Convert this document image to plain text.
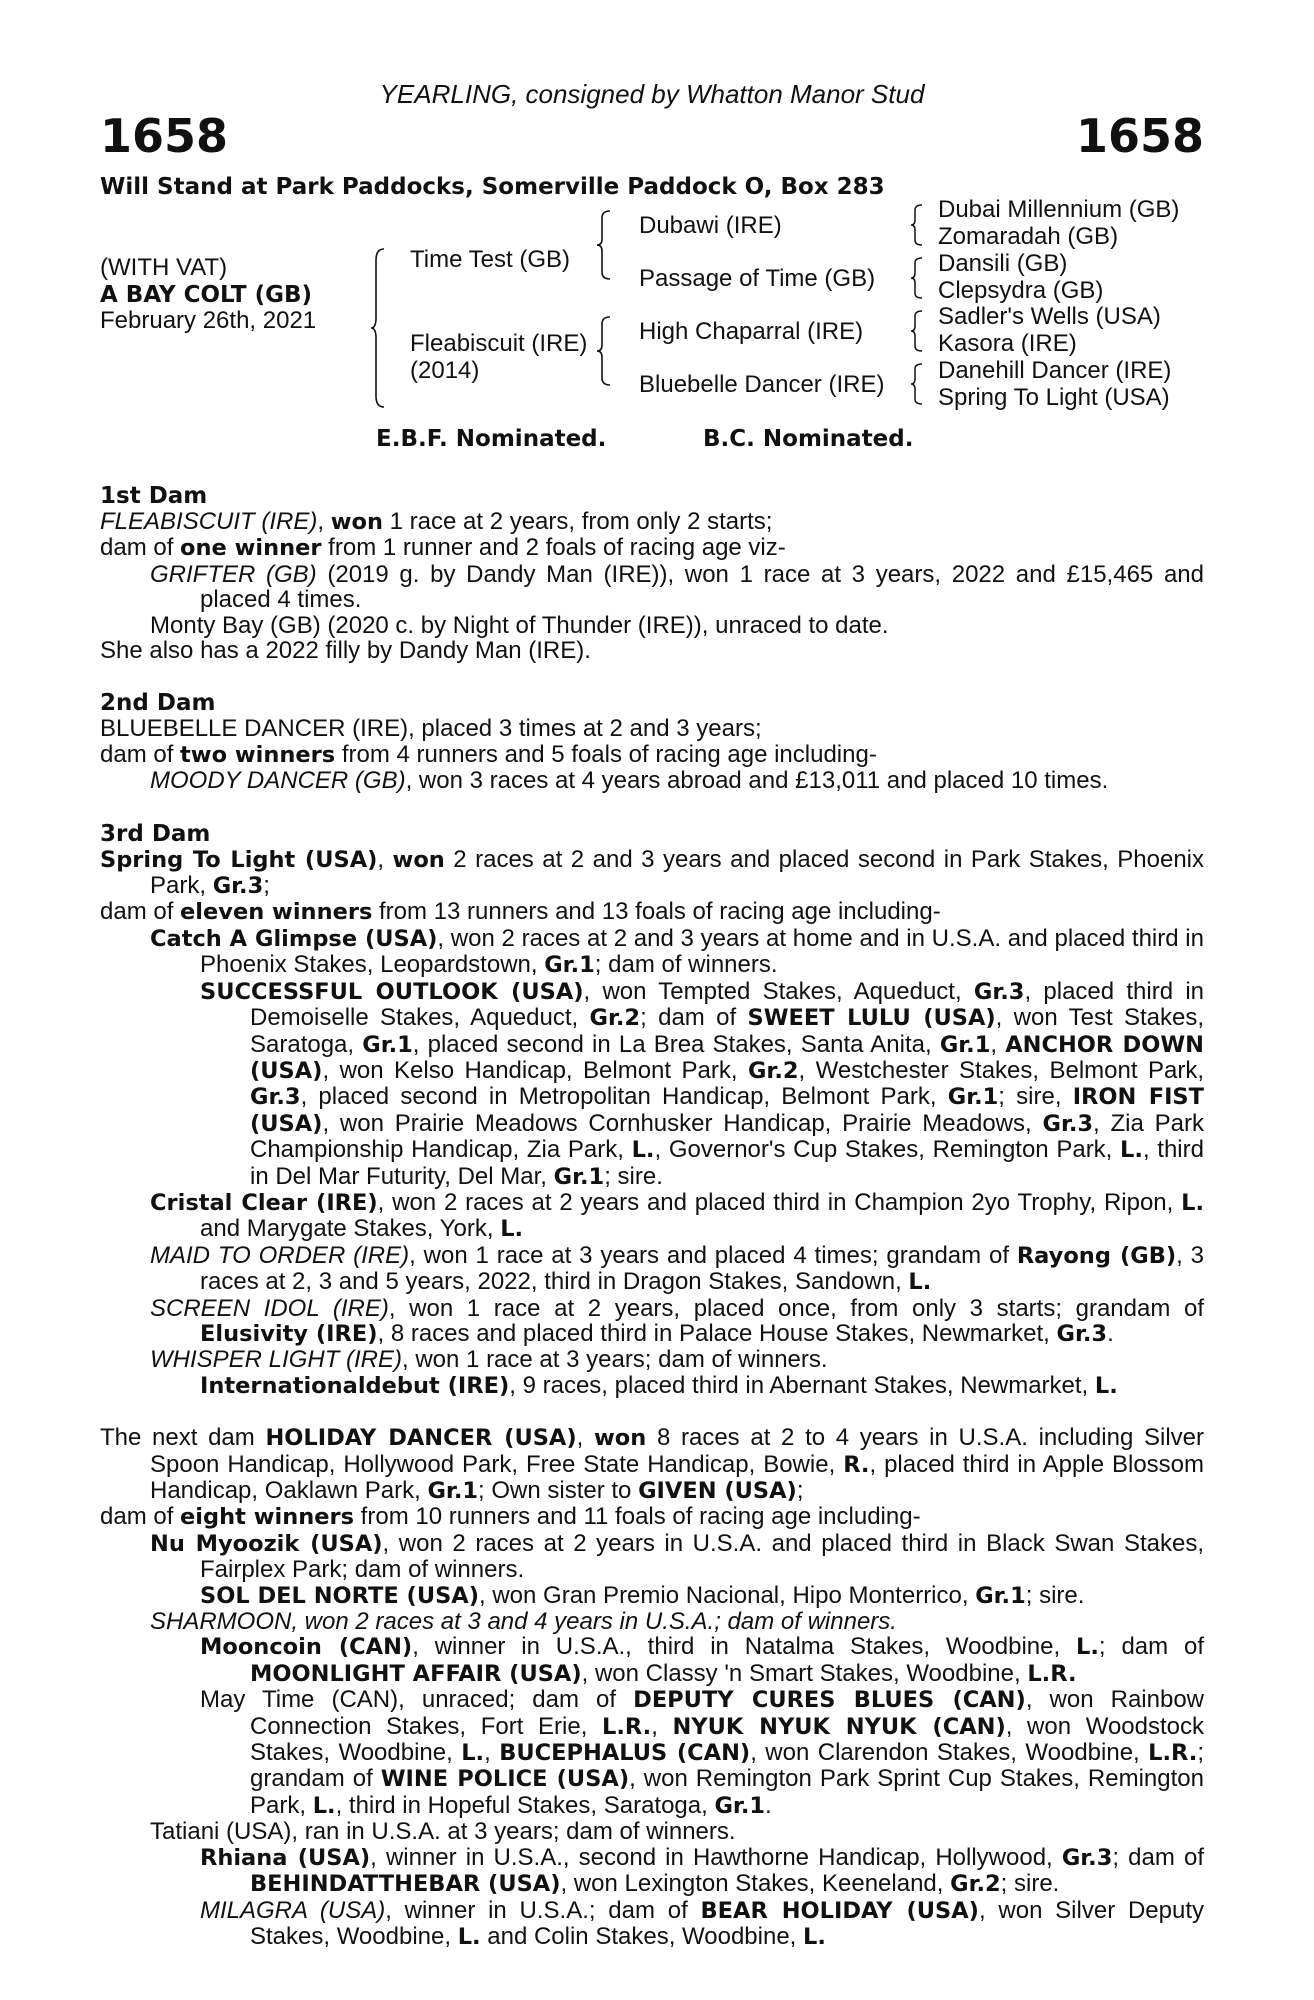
YEARLING, consigned by Whatton Manor Stud
1658	1658
Will Stand at Park Paddocks, Somerville Paddock O, Box 283
(WITH VAT)
A BAY COLT (GB)
February 26th, 2021
Time Test (GB)
Fleabiscuit (IRE)
(2014)
Dubawi (IRE)
Passage of Time (GB)
High Chaparral (IRE)
Bluebelle Dancer (IRE)
Dubai Millennium (GB)
Zomaradah (GB)
Dansili (GB)
Clepsydra (GB)
Sadler's Wells (USA)
Kasora (IRE)
Danehill Dancer (IRE)
Spring To Light (USA)
E.B.F. Nominated.	B.C. Nominated.
1st Dam

FLEABISCUIT (IRE), won 1 race at 2 years, from only 2 starts;

dam of one winner from 1 runner and 2 foals of racing age viz-

GRIFTER (GB) (2019 g. by Dandy Man (IRE)), won 1 race at 3 years, 2022 and £15,465 and placed 4 times.

Monty Bay (GB) (2020 c. by Night of Thunder (IRE)), unraced to date.

She also has a 2022 filly by Dandy Man (IRE).

2nd Dam

BLUEBELLE DANCER (IRE), placed 3 times at 2 and 3 years;

dam of two winners from 4 runners and 5 foals of racing age including-

MOODY DANCER (GB), won 3 races at 4 years abroad and £13,011 and placed 10 times.

3rd Dam

Spring To Light (USA), won 2 races at 2 and 3 years and placed second in Park Stakes, Phoenix Park, Gr.3;

dam of eleven winners from 13 runners and 13 foals of racing age including-

Catch A Glimpse (USA), won 2 races at 2 and 3 years at home and in U.S.A. and placed third in Phoenix Stakes, Leopardstown, Gr.1; dam of winners.

SUCCESSFUL OUTLOOK (USA), won Tempted Stakes, Aqueduct, Gr.3, placed third in Demoiselle Stakes, Aqueduct, Gr.2; dam of SWEET LULU (USA), won Test Stakes, Saratoga, Gr.1, placed second in La Brea Stakes, Santa Anita, Gr.1, ANCHOR DOWN (USA), won Kelso Handicap, Belmont Park, Gr.2, Westchester Stakes, Belmont Park, Gr.3, placed second in Metropolitan Handicap, Belmont Park, Gr.1; sire, IRON FIST (USA), won Prairie Meadows Cornhusker Handicap, Prairie Meadows, Gr.3, Zia Park Championship Handicap, Zia Park, L., Governor's Cup Stakes, Remington Park, L., third in Del Mar Futurity, Del Mar, Gr.1; sire.

Cristal Clear (IRE), won 2 races at 2 years and placed third in Champion 2yo Trophy, Ripon, L. and Marygate Stakes, York, L.

MAID TO ORDER (IRE), won 1 race at 3 years and placed 4 times; grandam of Rayong (GB), 3 races at 2, 3 and 5 years, 2022, third in Dragon Stakes, Sandown, L.

SCREEN IDOL (IRE), won 1 race at 2 years, placed once, from only 3 starts; grandam of Elusivity (IRE), 8 races and placed third in Palace House Stakes, Newmarket, Gr.3.

WHISPER LIGHT (IRE), won 1 race at 3 years; dam of winners.

Internationaldebut (IRE), 9 races, placed third in Abernant Stakes, Newmarket, L.

The next dam HOLIDAY DANCER (USA), won 8 races at 2 to 4 years in U.S.A. including Silver Spoon Handicap, Hollywood Park, Free State Handicap, Bowie, R., placed third in Apple Blossom Handicap, Oaklawn Park, Gr.1; Own sister to GIVEN (USA);

dam of eight winners from 10 runners and 11 foals of racing age including-

Nu Myoozik (USA), won 2 races at 2 years in U.S.A. and placed third in Black Swan Stakes, Fairplex Park; dam of winners.

SOL DEL NORTE (USA), won Gran Premio Nacional, Hipo Monterrico, Gr.1; sire.

SHARMOON, won 2 races at 3 and 4 years in U.S.A.; dam of winners.

Mooncoin (CAN), winner in U.S.A., third in Natalma Stakes, Woodbine, L.; dam of MOONLIGHT AFFAIR (USA), won Classy 'n Smart Stakes, Woodbine, L.R.

May Time (CAN), unraced; dam of DEPUTY CURES BLUES (CAN), won Rainbow Connection Stakes, Fort Erie, L.R., NYUK NYUK NYUK (CAN), won Woodstock Stakes, Woodbine, L., BUCEPHALUS (CAN), won Clarendon Stakes, Woodbine, L.R.; grandam of WINE POLICE (USA), won Remington Park Sprint Cup Stakes, Remington Park, L., third in Hopeful Stakes, Saratoga, Gr.1.

Tatiani (USA), ran in U.S.A. at 3 years; dam of winners.

Rhiana (USA), winner in U.S.A., second in Hawthorne Handicap, Hollywood, Gr.3; dam of BEHINDATTHEBAR (USA), won Lexington Stakes, Keeneland, Gr.2; sire.

MILAGRA (USA), winner in U.S.A.; dam of BEAR HOLIDAY (USA), won Silver Deputy Stakes, Woodbine, L. and Colin Stakes, Woodbine, L.
